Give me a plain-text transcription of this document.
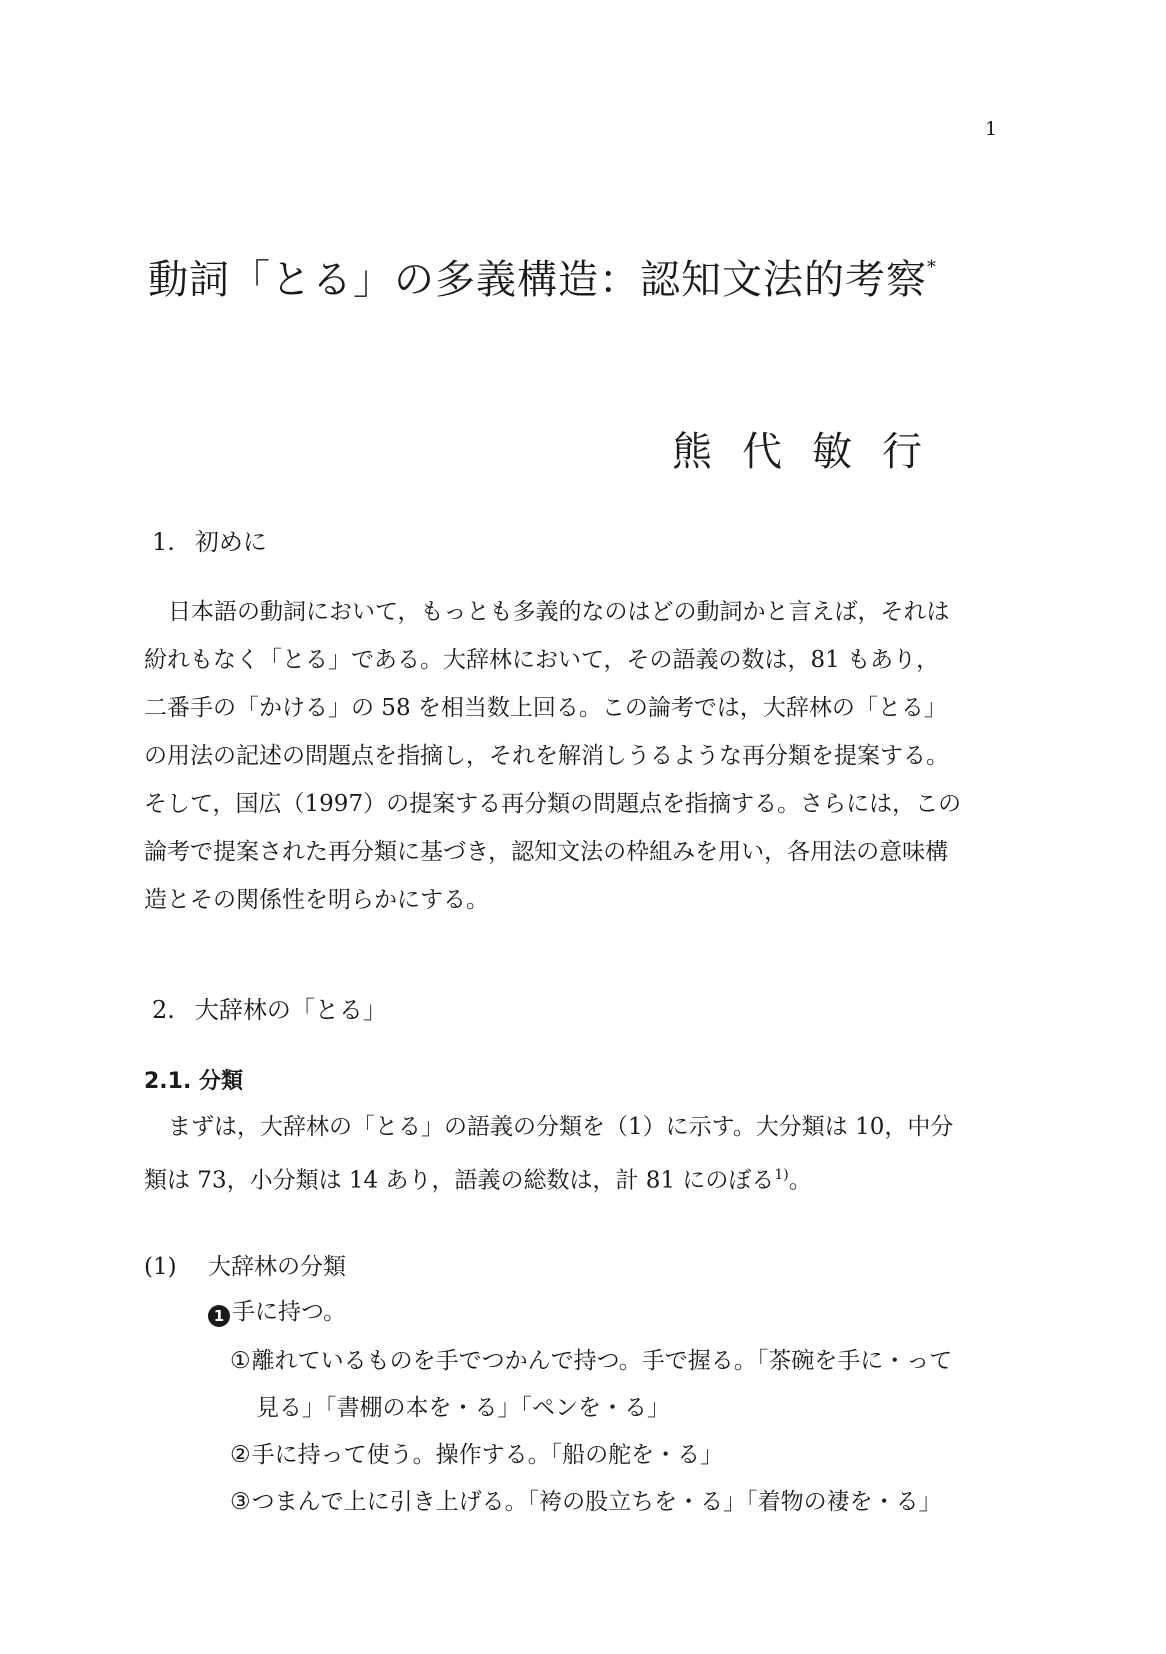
1
動詞「とる」の多義構造：認知文法的考察*
熊代敏行
1. 初めに
日本語の動詞において，もっとも多義的なのはどの動詞かと言えば，それは
紛れもなく「とる」である。大辞林において，その語義の数は，81 もあり，
二番手の「かける」の 58 を相当数上回る。この論考では，大辞林の「とる」
の用法の記述の問題点を指摘し，それを解消しうるような再分類を提案する。
そして，国広（1997）の提案する再分類の問題点を指摘する。さらには，この
論考で提案された再分類に基づき，認知文法の枠組みを用い，各用法の意味構
造とその関係性を明らかにする。
2. 大辞林の「とる」
2.1. 分類
まずは，大辞林の「とる」の語義の分類を（1）に示す。大分類は 10，中分
類は 73，小分類は 14 あり，語義の総数は，計 81 にのぼる$^{1)}$。
(1) 大辞林の分類
1 手に持つ。
①離れているものを手でつかんで持つ。手で握る。「茶碗を手に・って
見る」「書棚の本を・る」「ペンを・る」
②手に持って使う。操作する。「船の舵を・る」
③つまんで上に引き上げる。「袴の股立ちを・る」「着物の褄を・る」
